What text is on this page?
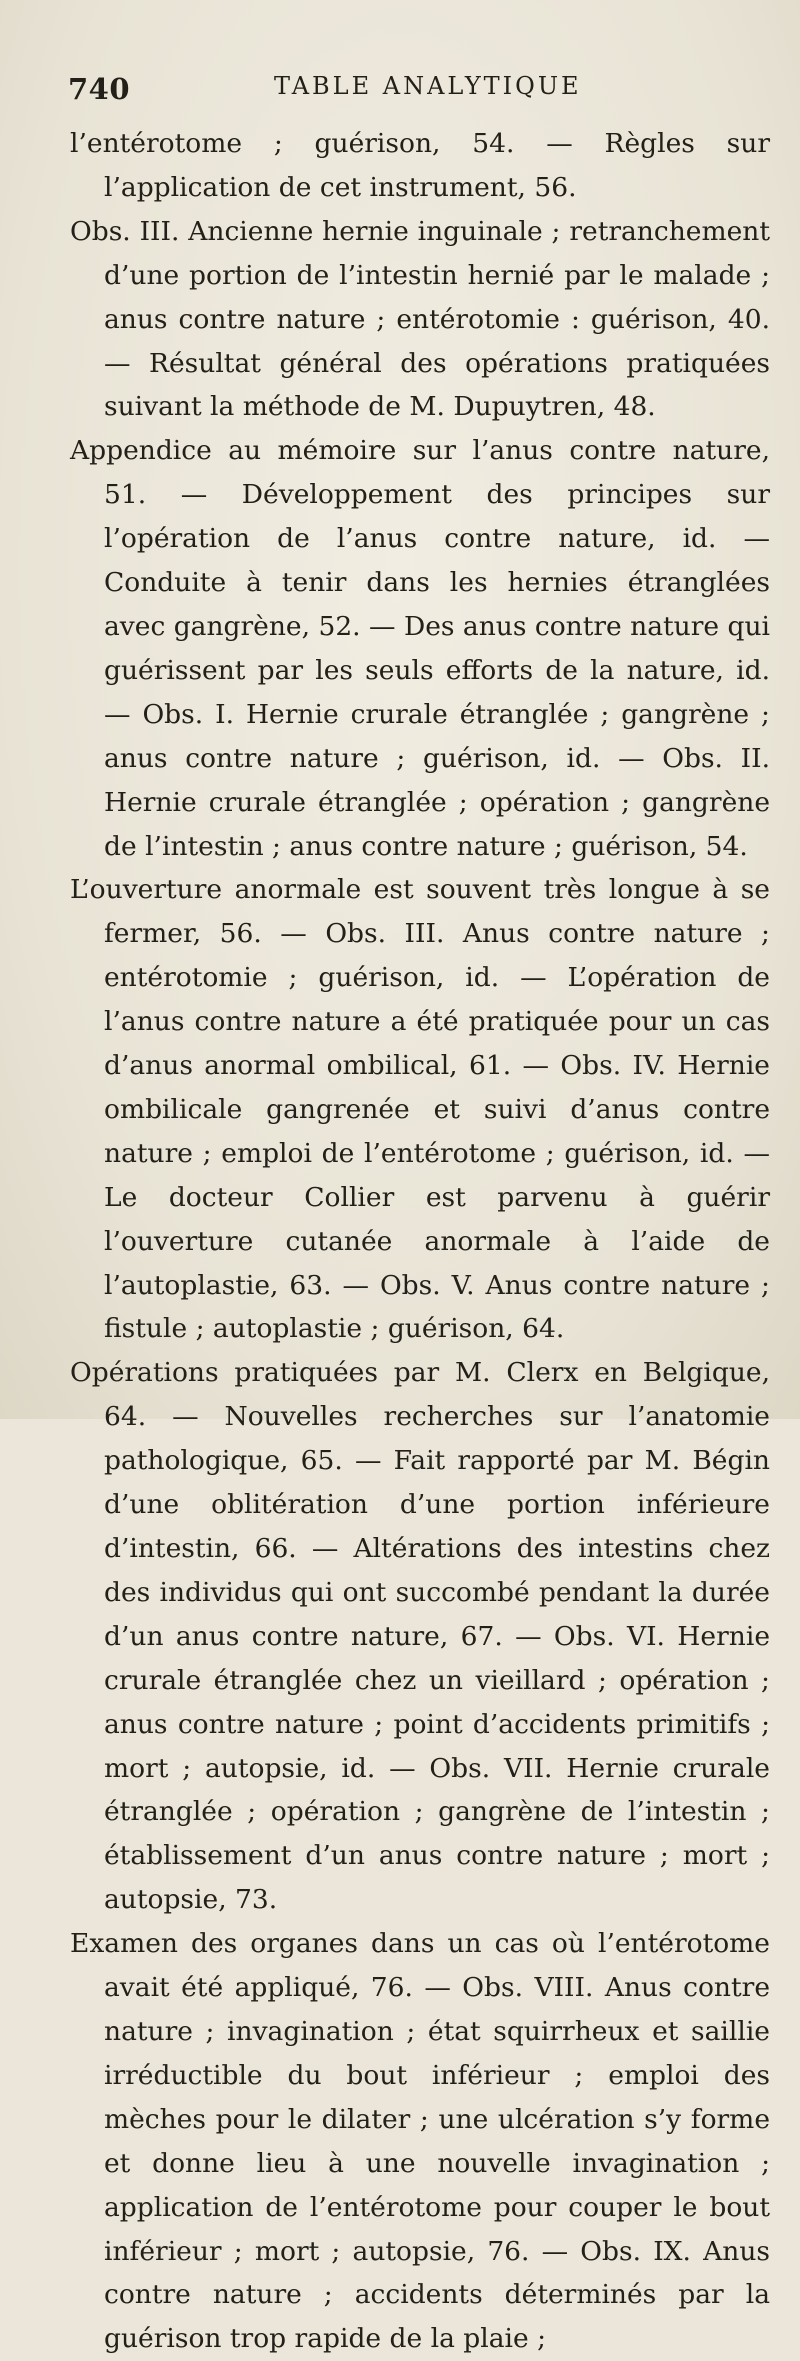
740	TABLE ANALYTIQUE

l’entérotome ; guérison, 54. — Règles sur l’application de cet instrument, 56.

Obs. III. Ancienne hernie inguinale ; retranchement d’une portion de l’intestin hernié par le malade ; anus contre nature ; entérotomie : guérison, 40. — Résultat général des opérations pratiquées suivant la méthode de M. Dupuytren, 48.

Appendice au mémoire sur l’anus contre nature, 51. — Développement des principes sur l’opération de l’anus contre nature, id. — Conduite à tenir dans les hernies étranglées avec gangrène, 52. — Des anus contre nature qui guérissent par les seuls efforts de la nature, id. — Obs. I. Hernie crurale étranglée ; gangrène ; anus contre nature ; guérison, id. — Obs. II. Hernie crurale étranglée ; opération ; gangrène de l’intestin ; anus contre nature ; guérison, 54.

L’ouverture anormale est souvent très longue à se fermer, 56. — Obs. III. Anus contre nature ; entérotomie ; guérison, id. — L’opération de l’anus contre nature a été pratiquée pour un cas d’anus anormal ombilical, 61. — Obs. IV. Hernie ombilicale gangrenée et suivi d’anus contre nature ; emploi de l’entérotome ; guérison, id. — Le docteur Collier est parvenu à guérir l’ouverture cutanée anormale à l’aide de l’autoplastie, 63. — Obs. V. Anus contre nature ; fistule ; autoplastie ; guérison, 64.

Opérations pratiquées par M. Clerx en Belgique, 64. — Nouvelles recherches sur l’anatomie pathologique, 65. — Fait rapporté par M. Bégin d’une oblitération d’une portion inférieure d’intestin, 66. — Altérations des intestins chez des individus qui ont succombé pendant la durée d’un anus contre nature, 67. — Obs. VI. Hernie crurale étranglée chez un vieillard ; opération ; anus contre nature ; point d’accidents primitifs ; mort ; autopsie, id. — Obs. VII. Hernie crurale étranglée ; opération ; gangrène de l’intestin ; établissement d’un anus contre nature ; mort ; autopsie, 73.

Examen des organes dans un cas où l’entérotome avait été appliqué, 76. — Obs. VIII. Anus contre nature ; invagination ; état squirrheux et saillie irréductible du bout inférieur ; emploi des mèches pour le dilater ; une ulcération s’y forme et donne lieu à une nouvelle invagination ; application de l’entérotome pour couper le bout inférieur ; mort ; autopsie, 76. — Obs. IX. Anus contre nature ; accidents déterminés par la guérison trop rapide de la plaie ;
